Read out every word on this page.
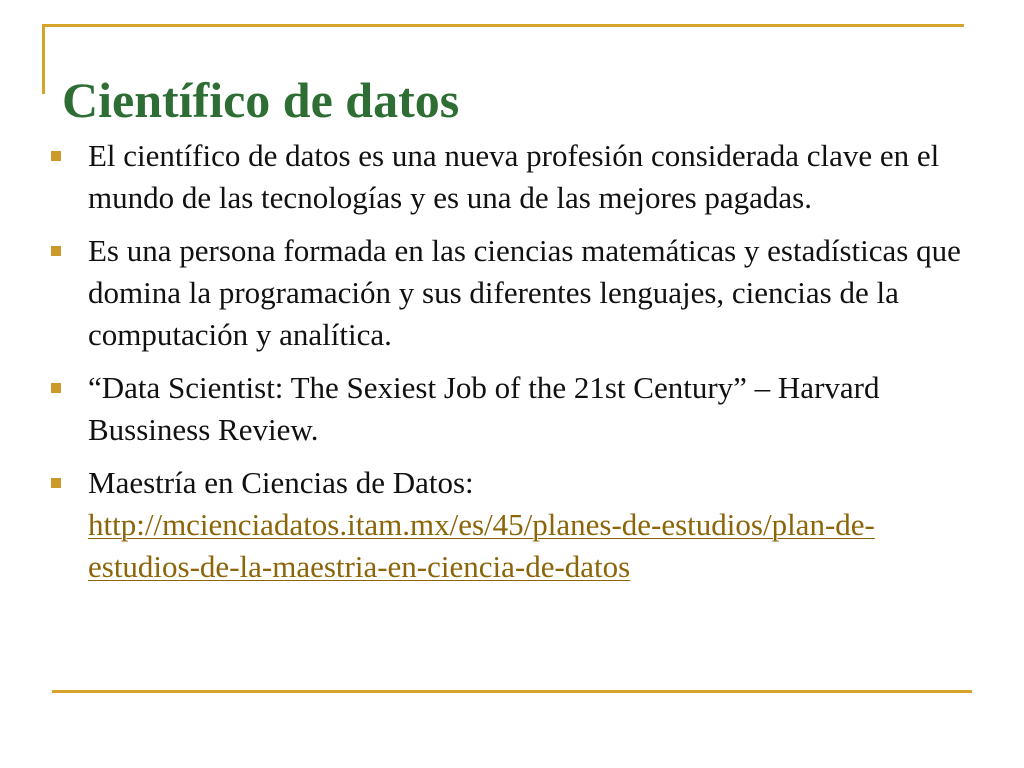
Científico de datos
El científico de datos es una nueva profesión considerada clave en el mundo de las tecnologías y es una de las mejores pagadas.
Es una persona formada en las ciencias matemáticas y estadísticas que domina la programación y sus diferentes lenguajes, ciencias de la computación y analítica.
“Data Scientist: The Sexiest Job of the 21st Century” – Harvard Bussiness Review.
Maestría en Ciencias de Datos:
http://mcienciadatos.itam.mx/es/45/planes-de-estudios/plan-de-estudios-de-la-maestria-en-ciencia-de-datos
